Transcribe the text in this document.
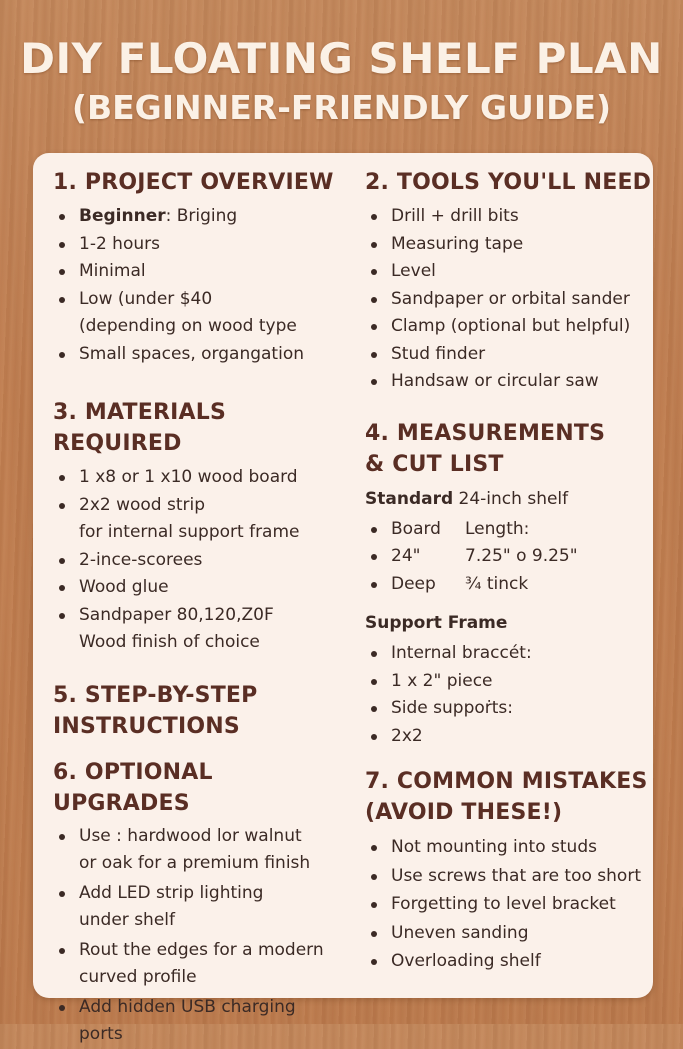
DIY FLOATING SHELF PLAN
(BEGINNER-FRIENDLY GUIDE)
1. PROJECT OVERVIEW
Beginner: Briging
1-2 hours
Minimal
Low (under $40
(depending on wood type
Small spaces, organgation
3. MATERIALS REQUIRED
1 x8 or 1 x10 wood board
2x2 wood strip
for internal support frame
2-ince-scorees
Wood glue
Sandpaper 80,120,Z0F
Wood finish of choice
5. STEP-BY-STEP
INSTRUCTIONS
6. OPTIONAL UPGRADES
Use : hardwood lor walnut
or oak for a premium finish
Add LED strip lighting
under shelf
Rout the edges for a modern
curved profile
Add hidden USB charging
ports
2. TOOLS YOU'LL NEED
Drill + drill bits
Measuring tape
Level
Sandpaper or orbital sander
Clamp (optional but helpful)
Stud finder
Handsaw or circular saw
4. MEASUREMENTS
& CUT LIST
Standard 24-inch shelf
Board	Length:
24"	7.25" o 9.25"
Deep	¾ tinck
Support Frame
Internal braccét:
1 x 2" piece
Side suppoṙts:
2x2
7. COMMON MISTAKES
(AVOID THESE!)
Not mounting into studs
Use screws that are too short
Forgetting to level bracket
Uneven sanding
Overloading shelf
